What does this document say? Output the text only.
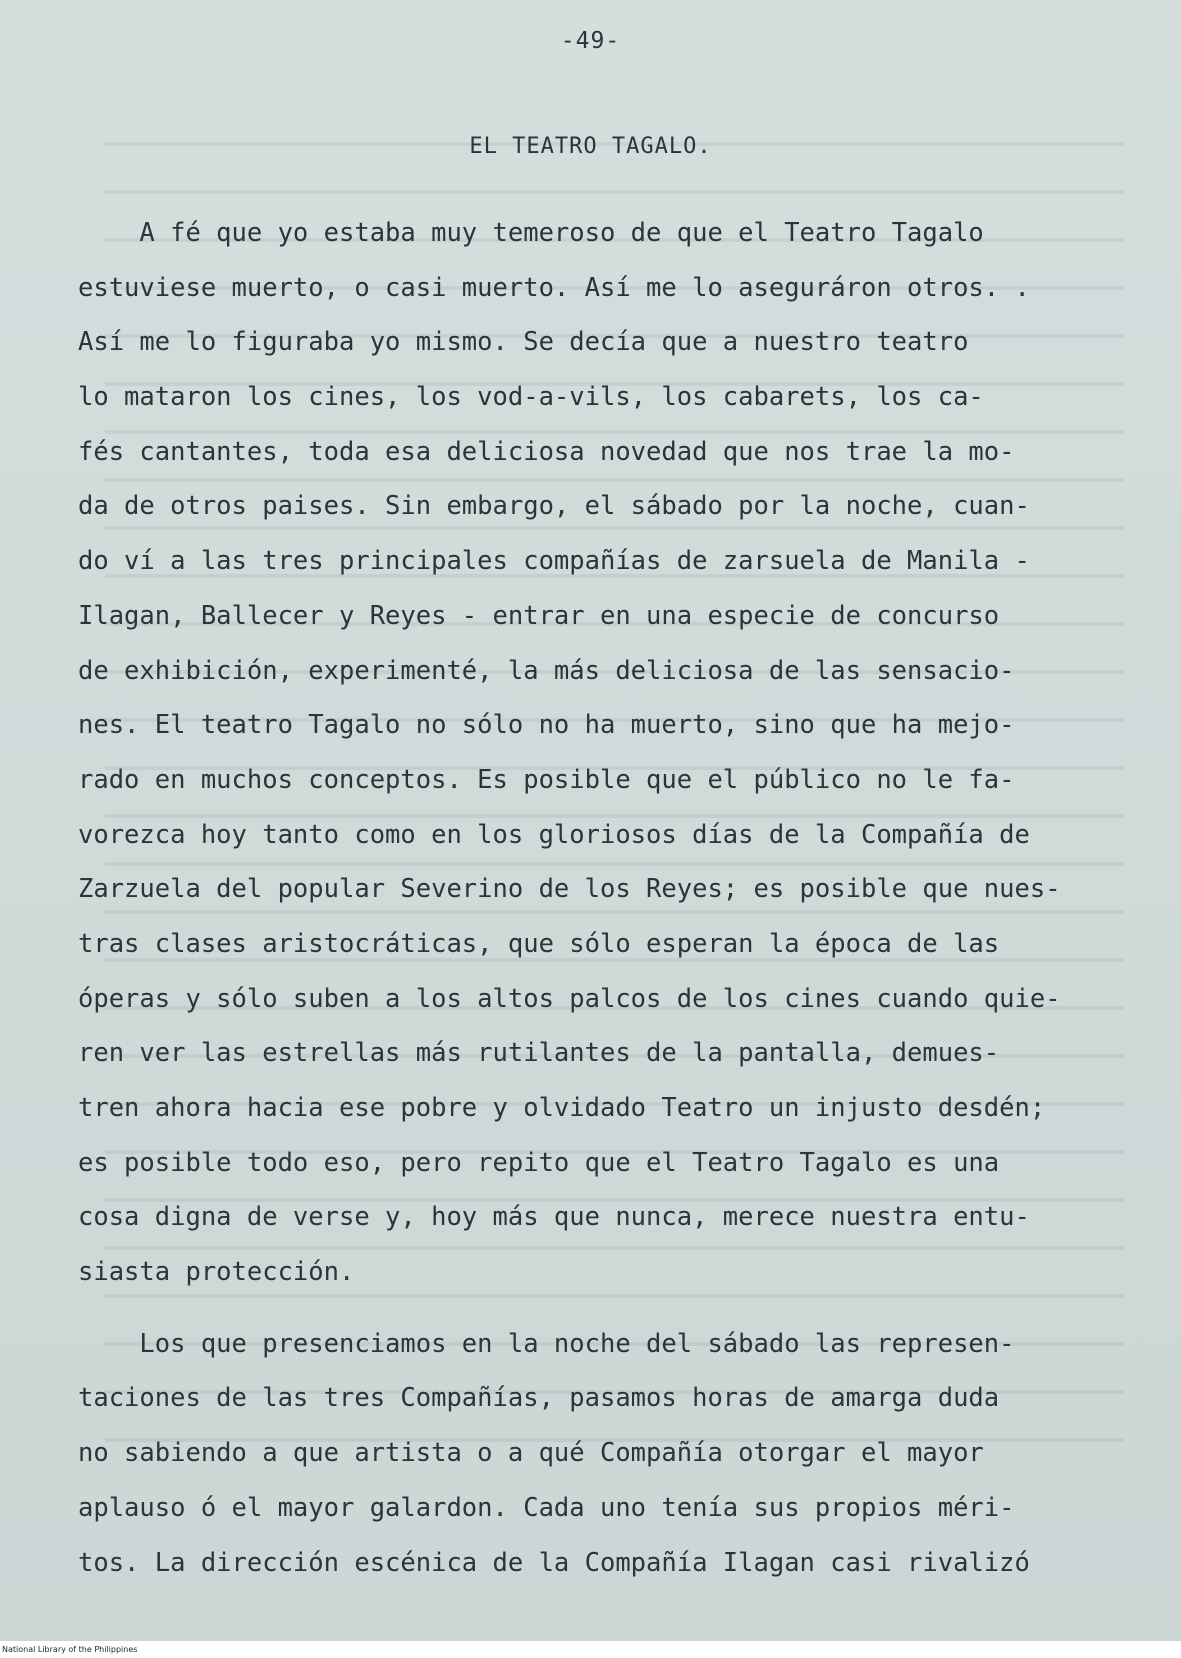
-49-
EL TEATRO TAGALO.
A fé que yo estaba muy temeroso de que el Teatro Tagalo
estuviese muerto, o casi muerto. Así me lo aseguráron otros. .
Así me lo figuraba yo mismo. Se decía que a nuestro teatro
lo mataron los cines, los vod-a-vils, los cabarets, los ca-
fés cantantes, toda esa deliciosa novedad que nos trae la mo-
da de otros paises. Sin embargo, el sábado por la noche, cuan-
do ví a las tres principales compañías de zarsuela de Manila -
Ilagan, Ballecer y Reyes - entrar en una especie de concurso
de exhibición, experimenté, la más deliciosa de las sensacio-
nes. El teatro Tagalo no sólo no ha muerto, sino que ha mejo-
rado en muchos conceptos. Es posible que el público no le fa-
vorezca hoy tanto como en los gloriosos días de la Compañía de
Zarzuela del popular Severino de los Reyes; es posible que nues-
tras clases aristocráticas, que sólo esperan la época de las
óperas y sólo suben a los altos palcos de los cines cuando quie-
ren ver las estrellas más rutilantes de la pantalla, demues-
tren ahora hacia ese pobre y olvidado Teatro un injusto desdén;
es posible todo eso, pero repito que el Teatro Tagalo es una
cosa digna de verse y, hoy más que nunca, merece nuestra entu-
siasta protección.
Los que presenciamos en la noche del sábado las represen-
taciones de las tres Compañías, pasamos horas de amarga duda
no sabiendo a que artista o a qué Compañía otorgar el mayor
aplauso ó el mayor galardon. Cada uno tenía sus propios méri-
tos. La dirección escénica de la Compañía Ilagan casi rivalizó
National Library of the Philippines
